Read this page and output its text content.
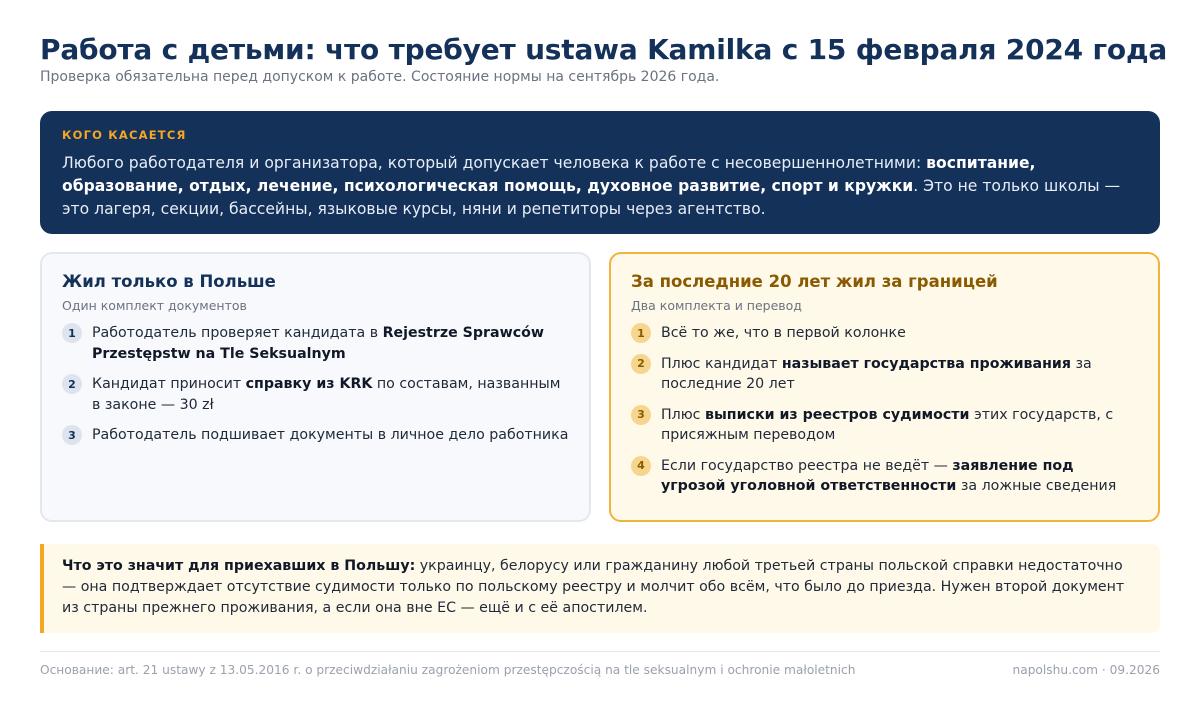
Работа с детьми: что требует ustawa Kamilka с 15 февраля 2024 года
Проверка обязательна перед допуском к работе. Состояние нормы на сентябрь 2026 года.
КОГО КАСАЕТСЯ

Любого работодателя и организатора, который допускает человека к работе с несовершеннолетними: воспитание, образование, отдых, лечение, психологическая помощь, духовное развитие, спорт и кружки. Это не только школы — это лагеря, секции, бассейны, языковые курсы, няни и репетиторы через агентство.

Жил только в Польше
Один комплект документов
1	Работодатель проверяет кандидата в Rejestrze Sprawców Przestępstw na Tle Seksualnym
2	Кандидат приносит справку из KRK по составам, названным в законе — 30 zł
3	Работодатель подшивает документы в личное дело работника
За последние 20 лет жил за границей
Два комплекта и перевод
1	Всё то же, что в первой колонке
2	Плюс кандидат называет государства проживания за последние 20 лет
3	Плюс выписки из реестров судимости этих государств, с присяжным переводом
4	Если государство реестра не ведёт — заявление под угрозой уголовной ответственности за ложные сведения
Что это значит для приехавших в Польшу: украинцу, белорусу или гражданину любой третьей страны польской справки недостаточно — она подтверждает отсутствие судимости только по польскому реестру и молчит обо всём, что было до приезда. Нужен второй документ из страны прежнего проживания, а если она вне ЕС — ещё и с её апостилем.
Основание: art. 21 ustawy z 13.05.2016 r. o przeciwdziałaniu zagrożeniom przestępczością na tle seksualnym i ochronie małoletnich	napolshu.com · 09.2026
